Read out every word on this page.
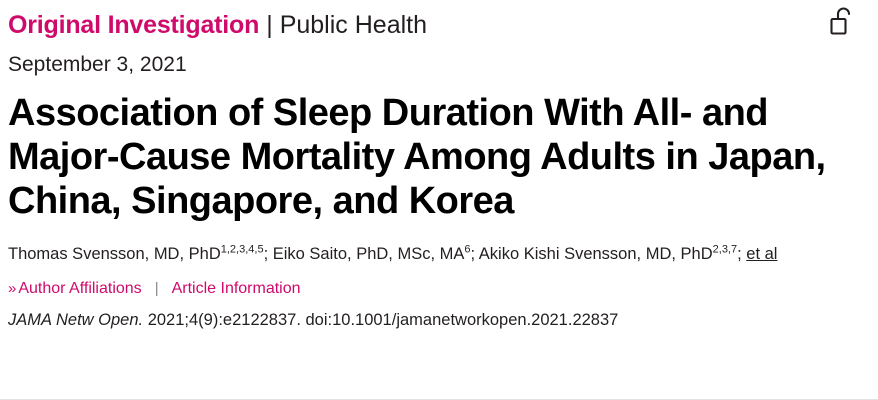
Original Investigation | Public Health
September 3, 2021
Association of Sleep Duration With All- and Major-Cause Mortality Among Adults in Japan, China, Singapore, and Korea
Thomas Svensson, MD, PhD$^{1,2,3,4,5}$; Eiko Saito, PhD, MSc, $MA^6$; Akiko Kishi Svensson, MD, PhD$^{2,3,7}$; et al
» Author Affiliations | Article Information
JAMA Netw Open. 2021;4(9):e2122837. doi:10.1001/jamanetworkopen.2021.22837
